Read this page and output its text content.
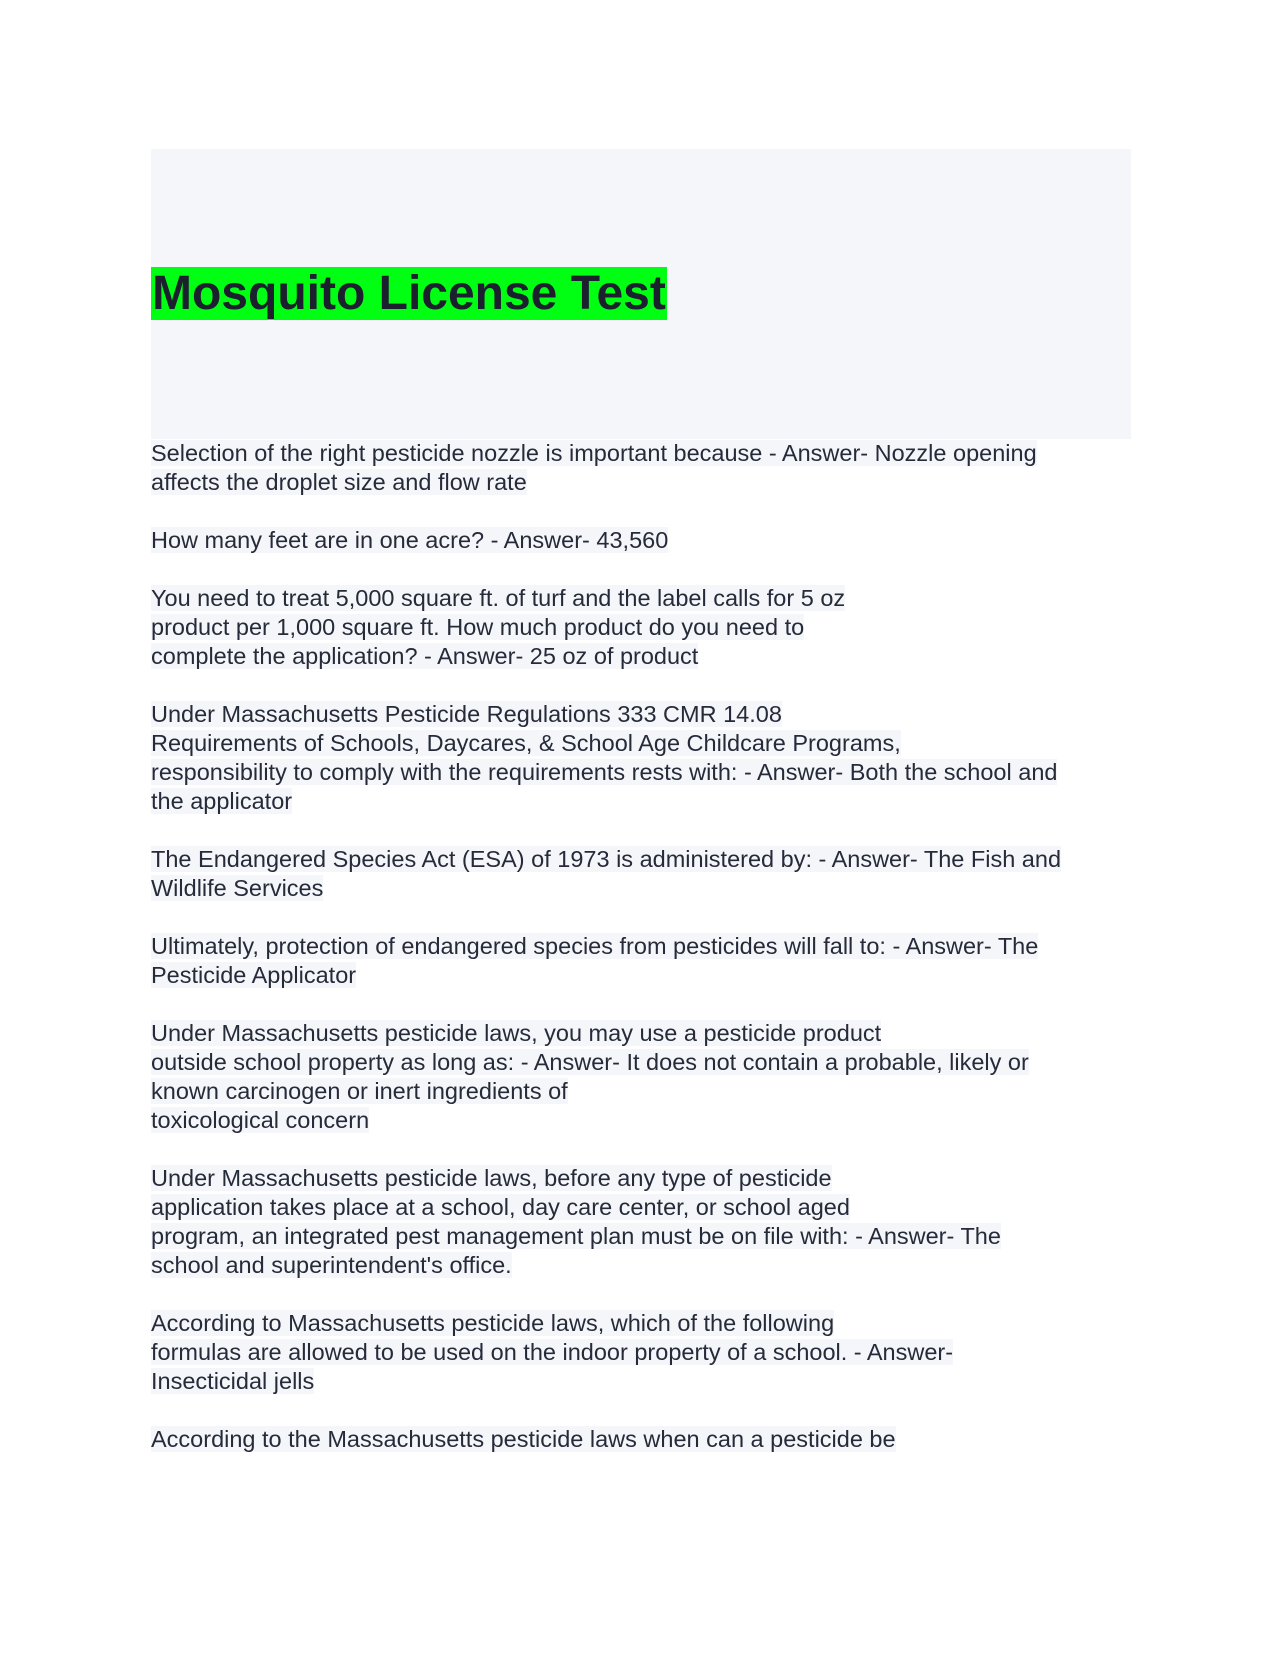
Mosquito License Test

Selection of the right pesticide nozzle is important because - Answer- Nozzle opening
affects the droplet size and flow rate

How many feet are in one acre? - Answer- 43,560

You need to treat 5,000 square ft. of turf and the label calls for 5 oz
product per 1,000 square ft. How much product do you need to
complete the application? - Answer- 25 oz of product

Under Massachusetts Pesticide Regulations 333 CMR 14.08
Requirements of Schools, Daycares, & School Age Childcare Programs,
responsibility to comply with the requirements rests with: - Answer- Both the school and
the applicator

The Endangered Species Act (ESA) of 1973 is administered by: - Answer- The Fish and
Wildlife Services

Ultimately, protection of endangered species from pesticides will fall to: - Answer- The
Pesticide Applicator

Under Massachusetts pesticide laws, you may use a pesticide product
outside school property as long as: - Answer- It does not contain a probable, likely or
known carcinogen or inert ingredients of
toxicological concern

Under Massachusetts pesticide laws, before any type of pesticide
application takes place at a school, day care center, or school aged
program, an integrated pest management plan must be on file with: - Answer- The
school and superintendent's office.

According to Massachusetts pesticide laws, which of the following
formulas are allowed to be used on the indoor property of a school. - Answer-
Insecticidal jells

According to the Massachusetts pesticide laws when can a pesticide be
